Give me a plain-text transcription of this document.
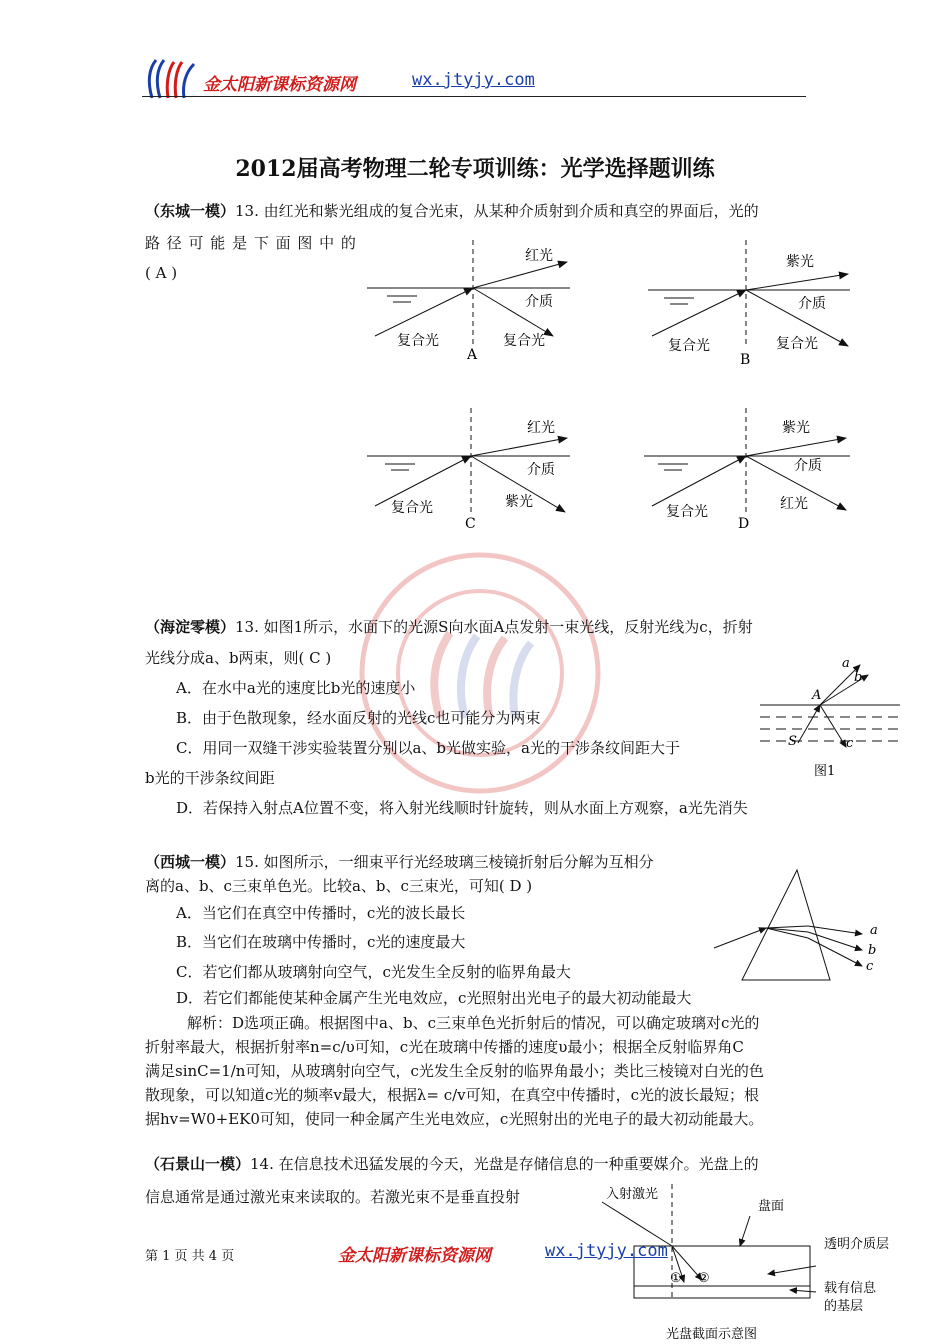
金太阳新课标资源网	wx.jtyjy.com
2012届高考物理二轮专项训练：光学选择题训练
（东城一模）13. 由红光和紫光组成的复合光束，从某种介质射到介质和真空的界面后，光的
路 径 可 能 是 下 面 图 中 的
( A )
红光
介质
复合光	复合光
A
紫光
介质
复合光	复合光
B
红光
介质
复合光	紫光
C
紫光
介质
复合光	红光
D
（海淀零模）13. 如图1所示，水面下的光源S向水面A点发射一束光线，反射光线为c，折射
光线分成a、b两束，则( C )
A．在水中a光的速度比b光的速度小
B．由于色散现象，经水面反射的光线c也可能分为两束
C．用同一双缝干涉实验装置分别以a、b光做实验，a光的干涉条纹间距大于
b光的干涉条纹间距
D．若保持入射点A位置不变，将入射光线顺时针旋转，则从水面上方观察，a光先消失
a
b
A
S	c
图1
（西城一模）15. 如图所示，一细束平行光经玻璃三棱镜折射后分解为互相分
离的a、b、c三束单色光。比较a、b、c三束光，可知( D )
A．当它们在真空中传播时，c光的波长最长
B．当它们在玻璃中传播时，c光的速度最大
C．若它们都从玻璃射向空气，c光发生全反射的临界角最大
D．若它们都能使某种金属产生光电效应，c光照射出光电子的最大初动能最大
解析：D选项正确。根据图中a、b、c三束单色光折射后的情况，可以确定玻璃对c光的
折射率最大，根据折射率n=c/υ可知，c光在玻璃中传播的速度υ最小；根据全反射临界角C
满足sinC=1/n可知，从玻璃射向空气，c光发生全反射的临界角最小；类比三棱镜对白光的色
散现象，可以知道c光的频率v最大，根据λ= c/v可知，在真空中传播时，c光的波长最短；根
据hv=W0+EK0可知，使同一种金属产生光电效应，c光照射出的光电子的最大初动能最大。
a
b
c
（石景山一模）14. 在信息技术迅猛发展的今天，光盘是存储信息的一种重要媒介。光盘上的
信息通常是通过激光束来读取的。若激光束不是垂直投射	入射激光
盘面
透明介质层
载有信息
的基层
① ②
光盘截面示意图
第 1 页 共 4 页	金太阳新课标资源网	wx.jtyjy.com
